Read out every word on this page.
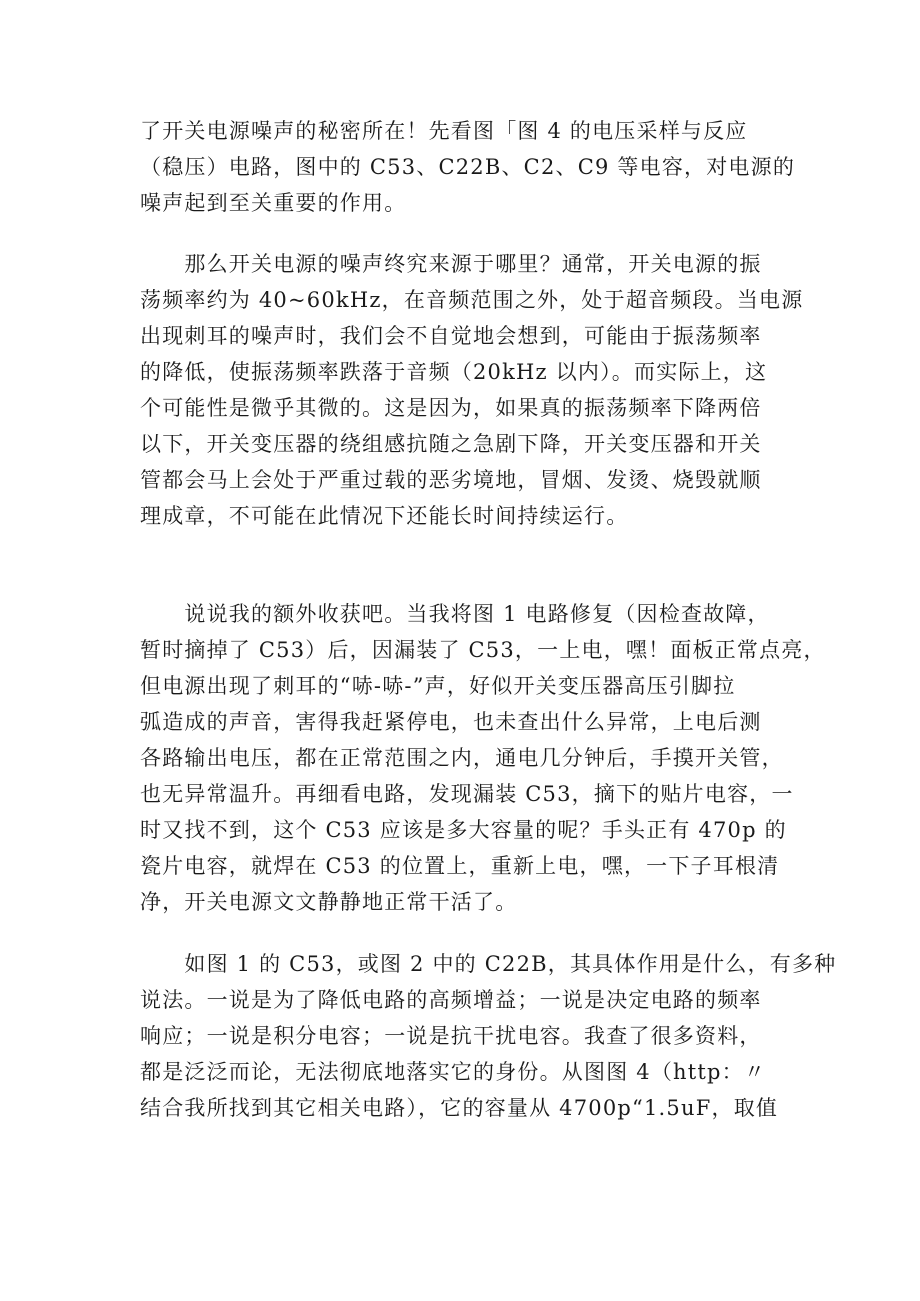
了开关电源噪声的秘密所在！先看图「图 4 的电压采样与反应
（稳压）电路，图中的 C53、C22B、C2、C9 等电容，对电源的
噪声起到至关重要的作用。
　　那么开关电源的噪声终究来源于哪里？通常，开关电源的振
荡频率约为 40~60kHz，在音频范围之外，处于超音频段。当电源
出现刺耳的噪声时，我们会不自觉地会想到，可能由于振荡频率
的降低，使振荡频率跌落于音频（20kHz 以内）。而实际上，这
个可能性是微乎其微的。这是因为，如果真的振荡频率下降两倍
以下，开关变压器的绕组感抗随之急剧下降，开关变压器和开关
管都会马上会处于严重过载的恶劣境地，冒烟、发烫、烧毁就顺
理成章，不可能在此情况下还能长时间持续运行。
　　说说我的额外收获吧。当我将图 1 电路修复（因检查故障，
暂时摘掉了 C53）后，因漏装了 C53，一上电，嘿！面板正常点亮，
但电源出现了刺耳的“哧-哧-”声，好似开关变压器高压引脚拉
弧造成的声音，害得我赶紧停电，也未查出什么异常，上电后测
各路输出电压，都在正常范围之内，通电几分钟后，手摸开关管，
也无异常温升。再细看电路，发现漏装 C53，摘下的贴片电容，一
时又找不到，这个 C53 应该是多大容量的呢？手头正有 470p 的
瓷片电容，就焊在 C53 的位置上，重新上电，嘿，一下子耳根清
净，开关电源文文静静地正常干活了。
　　如图 1 的 C53，或图 2 中的 C22B，其具体作用是什么，有多种
说法。一说是为了降低电路的高频增益；一说是决定电路的频率
响应；一说是积分电容；一说是抗干扰电容。我查了很多资料，
都是泛泛而论，无法彻底地落实它的身份。从图图 4（http：〃
结合我所找到其它相关电路），它的容量从 4700p“1.5uF，取值
